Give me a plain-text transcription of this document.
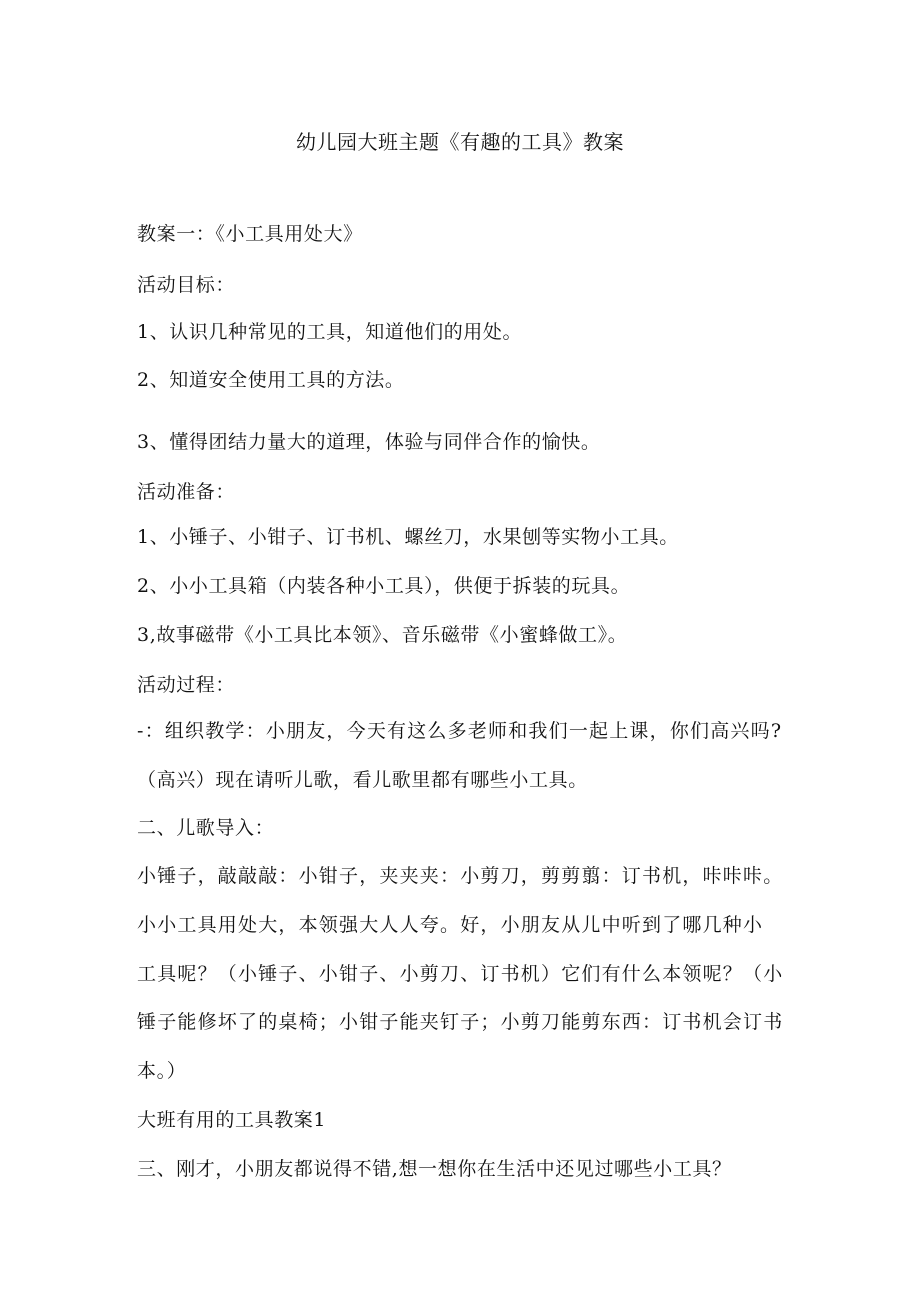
幼儿园大班主题《有趣的工具》教案
教案一：《小工具用处大》
活动目标：
1、认识几种常见的工具，知道他们的用处。
2、知道安全使用工具的方法。
3、懂得团结力量大的道理，体验与同伴合作的愉快。
活动准备：
1、小锤子、小钳子、订书机、螺丝刀，水果刨等实物小工具。
2、小小工具箱（内装各种小工具），供便于拆装的玩具。
3,故事磁带《小工具比本领》、音乐磁带《小蜜蜂做工》。
活动过程：
-：组织教学：小朋友，今天有这么多老师和我们一起上课，你们高兴吗?
（高兴）现在请听儿歌，看儿歌里都有哪些小工具。
二、儿歌导入：
小锤子，敲敲敲：小钳子，夹夹夹：小剪刀，剪剪翦：订书机，咔咔咔。
小小工具用处大，本领强大人人夸。好，小朋友从儿中听到了哪几种小
工具呢？（小锤子、小钳子、小剪刀、订书机）它们有什么本领呢？（小
锤子能修坏了的桌椅；小钳子能夹钉子；小剪刀能剪东西：订书机会订书
本。）
大班有用的工具教案1
三、刚才，小朋友都说得不错,想一想你在生活中还见过哪些小工具？
